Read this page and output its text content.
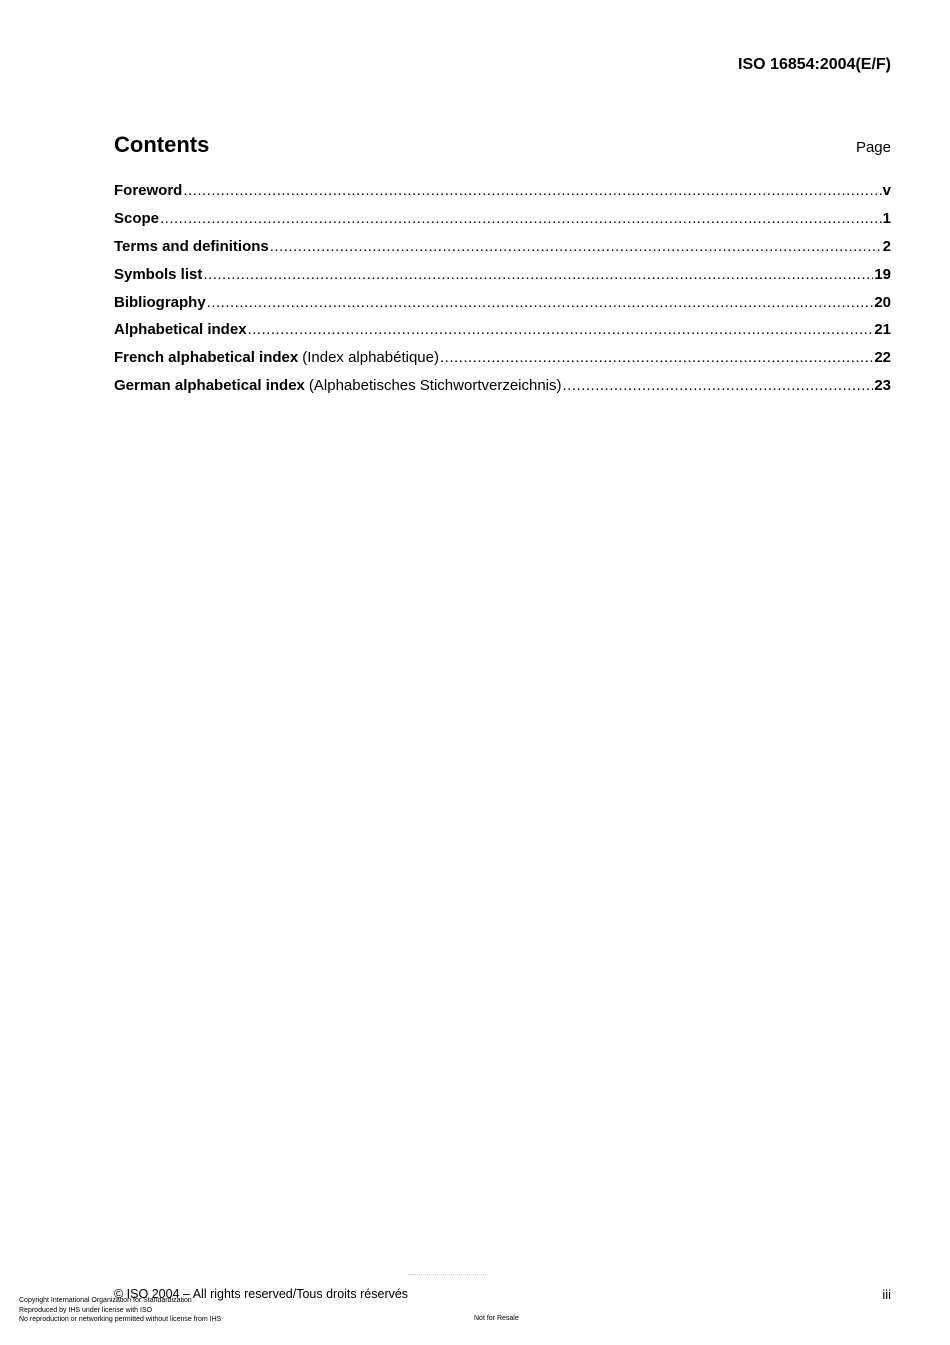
ISO 16854:2004(E/F)
Contents	Page
Foreword .....	v
Scope .....	1
Terms and definitions .....	2
Symbols list .....	19
Bibliography .....	20
Alphabetical index .....	21
French alphabetical index (Index alphabétique) .....	22
German alphabetical index (Alphabetisches Stichwortverzeichnis) .....	23
© ISO 2004 – All rights reserved/Tous droits réservés	iii
Copyright International Organization for Standardization
Reproduced by IHS under license with ISO
No reproduction or networking permitted without license from IHS	Not for Resale
